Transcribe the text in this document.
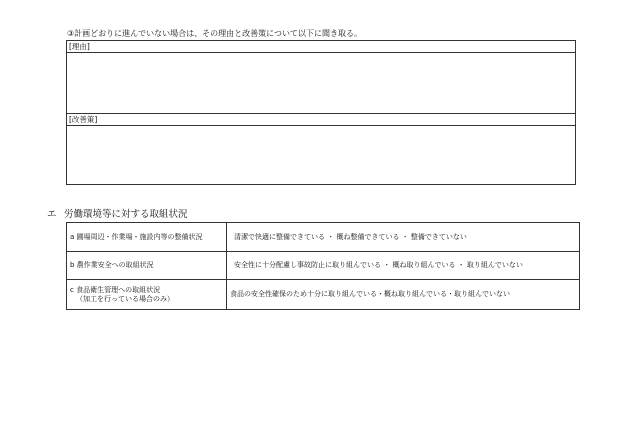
③計画どおりに進んでいない場合は、その理由と改善策について以下に聞き取る。
[理由]
[改善策]
エ 労働環境等に対する取組状況
a 圃場周辺・作業場・施設内等の整備状況	清潔で快適に整備できている ・ 概ね整備できている ・ 整備できていない
b 農作業安全への取組状況	安全性に十分配慮し事故防止に取り組んでいる ・ 概ね取り組んでいる ・ 取り組んでいない

c 食品衛生管理への取組状況
（加工を行っている場合のみ）	食品の安全性確保のため十分に取り組んでいる・概ね取り組んでいる・取り組んでいない
